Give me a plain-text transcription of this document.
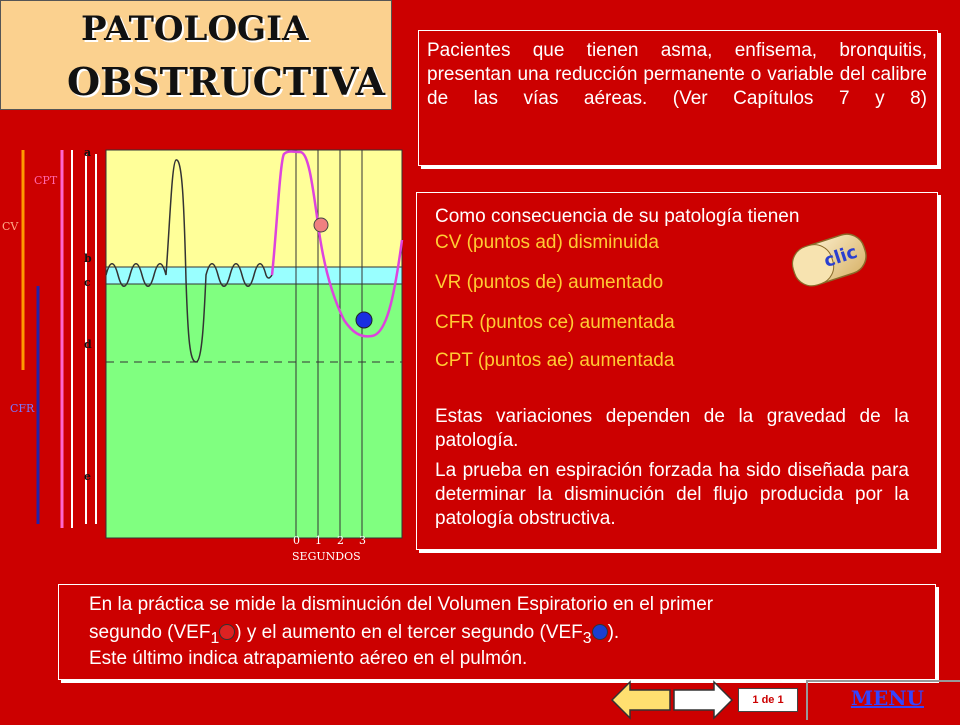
PATOLOGIA
OBSTRUCTIVA
Pacientes que tienen asma, enfisema, bronquitis, presentan una reducción permanente o variable del calibre de las vías aéreas. (Ver Capítulos 7 y 8)
Como consecuencia de su patología tienen
CV (puntos ad) disminuida
VR (puntos de) aumentado
CFR (puntos ce) aumentada
CPT (puntos ae) aumentada
Estas variaciones dependen de la gravedad de la patología.
La prueba en espiración forzada ha sido diseñada para determinar la disminución del flujo producida por la patología obstructiva.
clic
CPT
CV
CFR
a
b
c
d
e
0 1 2 3
SEGUNDOS
En la práctica se mide la disminución del Volumen Espiratorio en el primer
segundo ($VEF_1$ ) y el aumento en el tercer segundo ($VEF_3$ ).
Este último indica atrapamiento aéreo en el pulmón.
1 de 1	MENU
